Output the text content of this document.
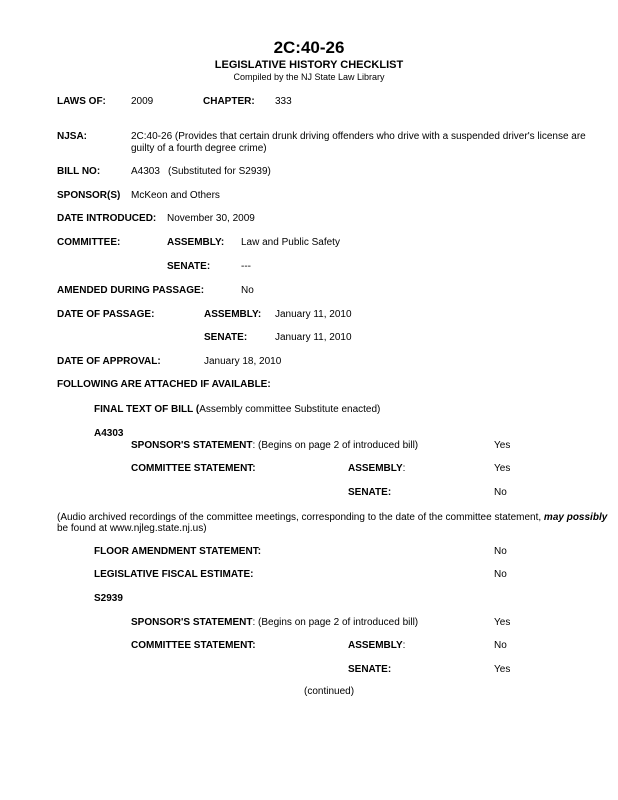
2C:40-26
LEGISLATIVE HISTORY CHECKLIST
Compiled by the NJ State Law Library
LAWS OF:	2009	CHAPTER: 333
NJSA:	2C:40-26 (Provides that certain drunk driving offenders who drive with a suspended driver's license are
guilty of a fourth degree crime)
BILL NO:	A4303 (Substituted for S2939)
SPONSOR(S) McKeon and Others
DATE INTRODUCED: November 30, 2009
COMMITTEE:	ASSEMBLY: Law and Public Safety
SENATE:	---
AMENDED DURING PASSAGE:	No
DATE OF PASSAGE:	ASSEMBLY: January 11, 2010
SENATE:	January 11, 2010
DATE OF APPROVAL:	January 18, 2010
FOLLOWING ARE ATTACHED IF AVAILABLE:
FINAL TEXT OF BILL (Assembly committee Substitute enacted)
A4303
SPONSOR'S STATEMENT: (Begins on page 2 of introduced bill)	Yes
COMMITTEE STATEMENT:	ASSEMBLY:	Yes
SENATE:	No
(Audio archived recordings of the committee meetings, corresponding to the date of the committee statement, may possibly
be found at www.njleg.state.nj.us)
FLOOR AMENDMENT STATEMENT:	No
LEGISLATIVE FISCAL ESTIMATE:	No
S2939
SPONSOR'S STATEMENT: (Begins on page 2 of introduced bill)	Yes
COMMITTEE STATEMENT:	ASSEMBLY:	No
SENATE:	Yes
(continued)
